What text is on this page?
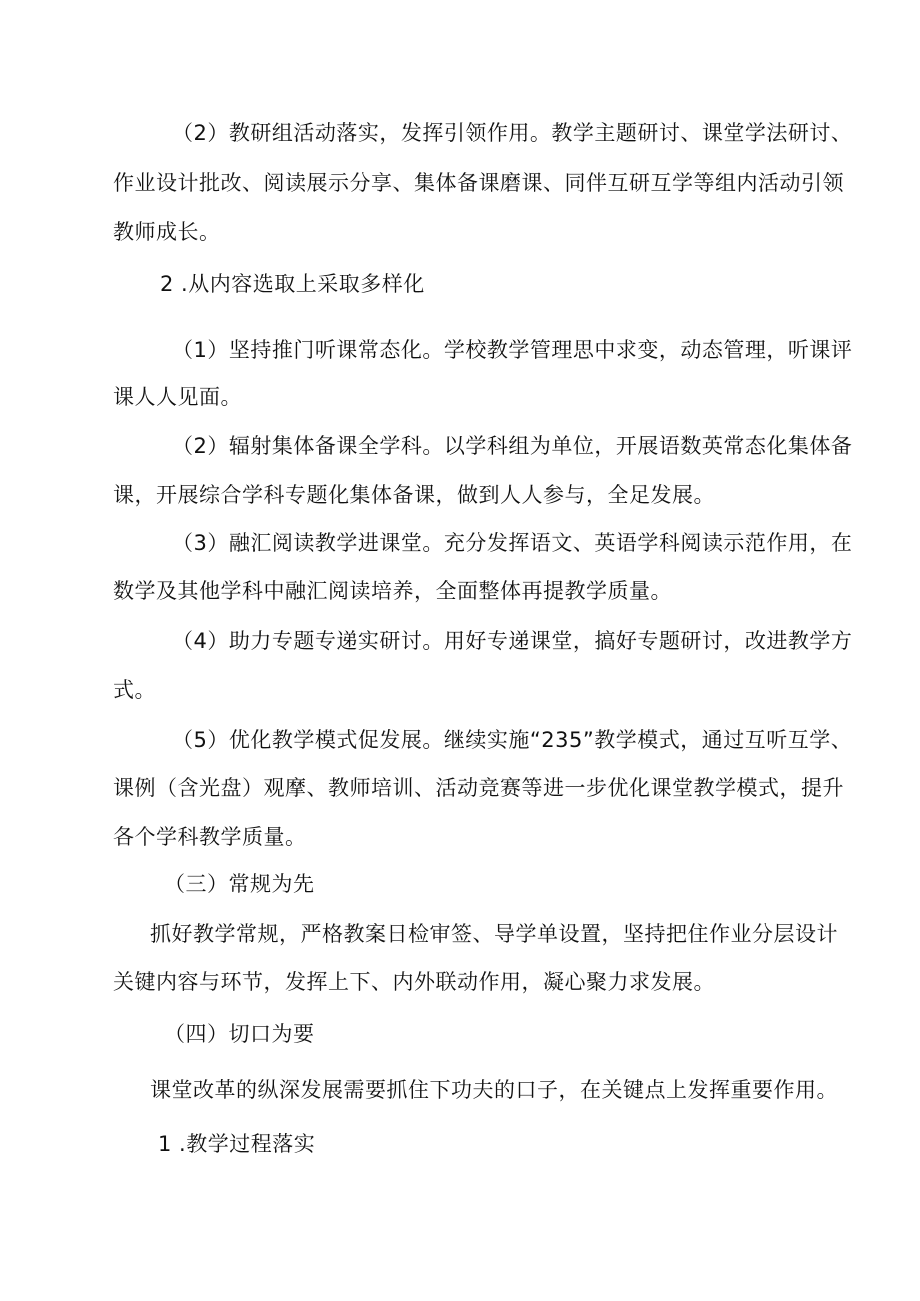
（2）教研组活动落实，发挥引领作用。教学主题研讨、课堂学法研讨、
作业设计批改、阅读展示分享、集体备课磨课、同伴互研互学等组内活动引领
教师成长。
2 .从内容选取上采取多样化
（1）坚持推门听课常态化。学校教学管理思中求变，动态管理，听课评
课人人见面。
（2）辐射集体备课全学科。以学科组为单位，开展语数英常态化集体备
课，开展综合学科专题化集体备课，做到人人参与，全足发展。
（3）融汇阅读教学进课堂。充分发挥语文、英语学科阅读示范作用，在
数学及其他学科中融汇阅读培养，全面整体再提教学质量。
（4）助力专题专递实研讨。用好专递课堂，搞好专题研讨，改进教学方
式。
（5）优化教学模式促发展。继续实施“235”教学模式，通过互听互学、
课例（含光盘）观摩、教师培训、活动竞赛等进一步优化课堂教学模式，提升
各个学科教学质量。
（三）常规为先
抓好教学常规，严格教案日检审签、导学单设置，坚持把住作业分层设计
关键内容与环节，发挥上下、内外联动作用，凝心聚力求发展。
（四）切口为要
课堂改革的纵深发展需要抓住下功夫的口子，在关键点上发挥重要作用。
1 .教学过程落实
